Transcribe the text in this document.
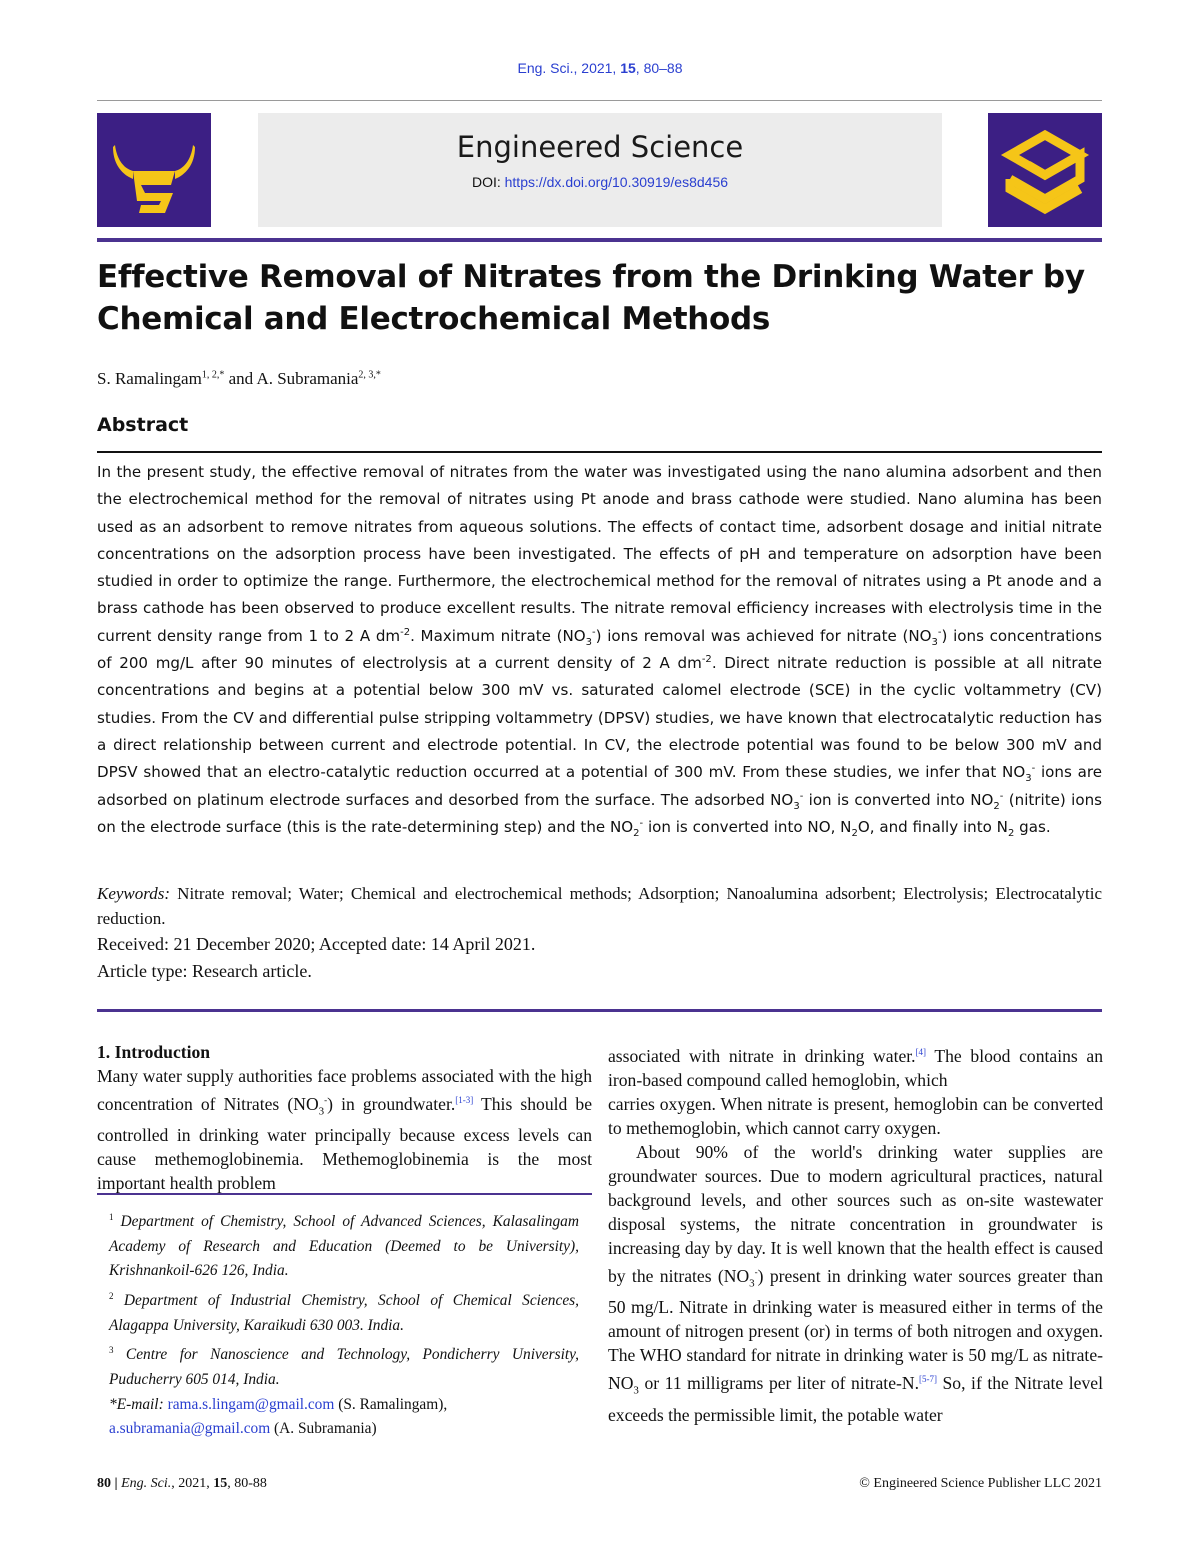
Eng. Sci., 2021, 15, 80–88
Engineered Science
DOI: https://dx.doi.org/10.30919/es8d456
Effective Removal of Nitrates from the Drinking Water by Chemical and Electrochemical Methods
S. Ramalingam$^{1, 2,*}$ and A. Subramania$^{2, 3,*}$
Abstract
In the present study, the effective removal of nitrates from the water was investigated using the nano alumina adsorbent and then the electrochemical method for the removal of nitrates using Pt anode and brass cathode were studied. Nano alumina has been used as an adsorbent to remove nitrates from aqueous solutions. The effects of contact time, adsorbent dosage and initial nitrate concentrations on the adsorption process have been investigated. The effects of pH and temperature on adsorption have been studied in order to optimize the range. Furthermore, the electrochemical method for the removal of nitrates using a Pt anode and a brass cathode has been observed to produce excellent results. The nitrate removal efficiency increases with electrolysis time in the current density range from 1 to 2 A $dm^{-2}$. Maximum nitrate $(NO_3^-)$ ions removal was achieved for nitrate $(NO_3^-)$ ions concentrations of 200 mg/L after 90 minutes of electrolysis at a current density of 2 A $dm^{-2}$. Direct nitrate reduction is possible at all nitrate concentrations and begins at a potential below 300 mV vs. saturated calomel electrode (SCE) in the cyclic voltammetry (CV) studies. From the CV and differential pulse stripping voltammetry (DPSV) studies, we have known that electrocatalytic reduction has a direct relationship between current and electrode potential. In CV, the electrode potential was found to be below 300 mV and DPSV showed that an electro-catalytic reduction occurred at a potential of 300 mV. From these studies, we infer that $NO_3^-$ ions are adsorbed on platinum electrode surfaces and desorbed from the surface. The adsorbed $NO_3^-$ ion is converted into $NO_2^-$ (nitrite) ions on the electrode surface (this is the rate-determining step) and the $NO_2^-$ ion is converted into NO, $N_2O$, and finally into $N_2$ gas.
Keywords: Nitrate removal; Water; Chemical and electrochemical methods; Adsorption; Nanoalumina adsorbent; Electrolysis; Electrocatalytic reduction.
Received: 21 December 2020; Accepted date: 14 April 2021.
Article type: Research article.

1. Introduction

Many water supply authorities face problems associated with the high concentration of Nitrates $(NO_3^-)$ in groundwater.[1-3] This should be controlled in drinking water principally because excess levels can cause methemoglobinemia. Methemoglobinemia is the most important health problem

$^1$ Department of Chemistry, School of Advanced Sciences, Kalasalingam Academy of Research and Education (Deemed to be University), Krishnankoil-626 126, India.

$^2$ Department of Industrial Chemistry, School of Chemical Sciences, Alagappa University, Karaikudi 630 003. India.

$^3$ Centre for Nanoscience and Technology, Pondicherry University, Puducherry 605 014, India.

*E-mail: rama.s.lingam@gmail.com (S. Ramalingam),

a.subramania@gmail.com (A. Subramania)

associated with nitrate in drinking water.[4] The blood contains an iron-based compound called hemoglobin, which

carries oxygen. When nitrate is present, hemoglobin can be converted to methemoglobin, which cannot carry oxygen.

About 90% of the world's drinking water supplies are groundwater sources. Due to modern agricultural practices, natural background levels, and other sources such as on-site wastewater disposal systems, the nitrate concentration in groundwater is increasing day by day. It is well known that the health effect is caused by the nitrates $(NO_3^-)$ present in drinking water sources greater than 50 mg/L. Nitrate in drinking water is measured either in terms of the amount of nitrogen present (or) in terms of both nitrogen and oxygen. The WHO standard for nitrate in drinking water is 50 mg/L as nitrate-$NO_3$ or 11 milligrams per liter of nitrate-N.[5-7] So, if the Nitrate level exceeds the permissible limit, the potable water

80 | Eng. Sci., 2021, 15, 80-88	© Engineered Science Publisher LLC 2021
